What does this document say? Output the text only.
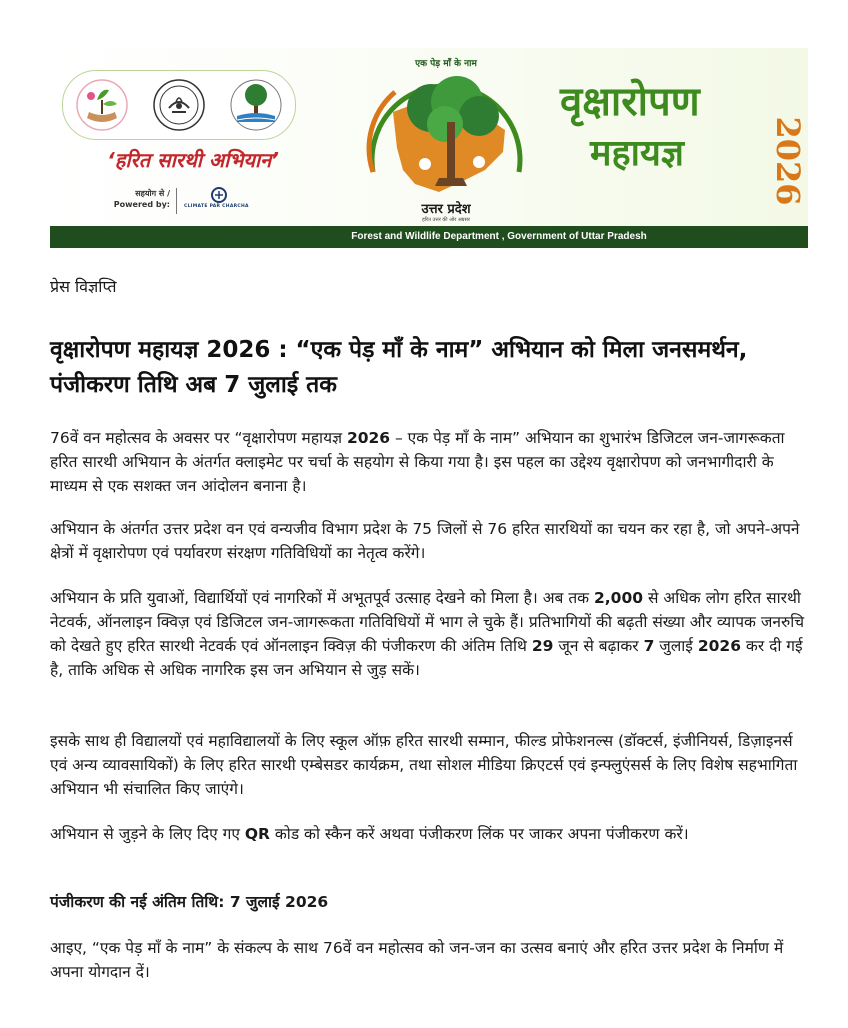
‘हरित सारथी अभियान’
सहयोग से /
Powered by:	CLIMATE PAR CHARCHA
एक पेड़ माँ के नाम
उत्तर प्रदेश
हरित उत्तर की ओर अग्रसर
वृक्षारोपण
महायज्ञ	2026
Forest and Wildlife Department , Government of Uttar Pradesh
प्रेस विज्ञप्ति
वृक्षारोपण महायज्ञ 2026 : “एक पेड़ माँ के नाम” अभियान को मिला जनसमर्थन, पंजीकरण तिथि अब 7 जुलाई तक
76वें वन महोत्सव के अवसर पर “वृक्षारोपण महायज्ञ 2026 – एक पेड़ माँ के नाम” अभियान का शुभारंभ डिजिटल जन-जागरूकता हरित सारथी अभियान के अंतर्गत क्लाइमेट पर चर्चा के सहयोग से किया गया है। इस पहल का उद्देश्य वृक्षारोपण को जनभागीदारी के माध्यम से एक सशक्त जन आंदोलन बनाना है।
अभियान के अंतर्गत उत्तर प्रदेश वन एवं वन्यजीव विभाग प्रदेश के 75 जिलों से 76 हरित सारथियों का चयन कर रहा है, जो अपने-अपने क्षेत्रों में वृक्षारोपण एवं पर्यावरण संरक्षण गतिविधियों का नेतृत्व करेंगे।
अभियान के प्रति युवाओं, विद्यार्थियों एवं नागरिकों में अभूतपूर्व उत्साह देखने को मिला है। अब तक 2,000 से अधिक लोग हरित सारथी नेटवर्क, ऑनलाइन क्विज़ एवं डिजिटल जन-जागरूकता गतिविधियों में भाग ले चुके हैं। प्रतिभागियों की बढ़ती संख्या और व्यापक जनरुचि को देखते हुए हरित सारथी नेटवर्क एवं ऑनलाइन क्विज़ की पंजीकरण की अंतिम तिथि 29 जून से बढ़ाकर 7 जुलाई 2026 कर दी गई है, ताकि अधिक से अधिक नागरिक इस जन अभियान से जुड़ सकें।
इसके साथ ही विद्यालयों एवं महाविद्यालयों के लिए स्कूल ऑफ़ हरित सारथी सम्मान, फील्ड प्रोफेशनल्स (डॉक्टर्स, इंजीनियर्स, डिज़ाइनर्स एवं अन्य व्यावसायिकों) के लिए हरित सारथी एम्बेसडर कार्यक्रम, तथा सोशल मीडिया क्रिएटर्स एवं इन्फ्लुएंसर्स के लिए विशेष सहभागिता अभियान भी संचालित किए जाएंगे।
अभियान से जुड़ने के लिए दिए गए QR कोड को स्कैन करें अथवा पंजीकरण लिंक पर जाकर अपना पंजीकरण करें।
पंजीकरण की नई अंतिम तिथि: 7 जुलाई 2026
आइए, “एक पेड़ माँ के नाम” के संकल्प के साथ 76वें वन महोत्सव को जन-जन का उत्सव बनाएं और हरित उत्तर प्रदेश के निर्माण में अपना योगदान दें।
